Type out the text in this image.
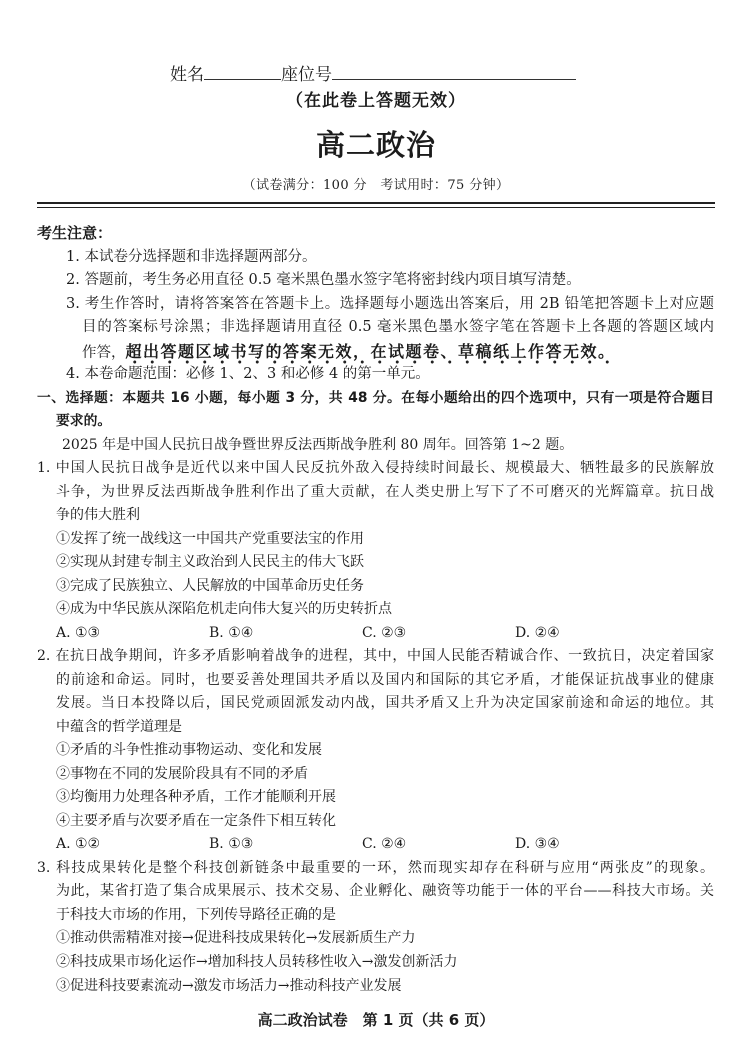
姓名	座位号
（在此卷上答题无效）
高二政治
（试卷满分：100 分　考试用时：75 分钟）
考生注意：
1. 本试卷分选择题和非选择题两部分。
2. 答题前，考生务必用直径 0.5 毫米黑色墨水签字笔将密封线内项目填写清楚。
3. 考生作答时，请将答案答在答题卡上。选择题每小题选出答案后，用 2B 铅笔把答题卡上对应题
目的答案标号涂黑；非选择题请用直径 0.5 毫米黑色墨水签字笔在答题卡上各题的答题区域内
作答，超出答题区域书写的答案无效，在试题卷、草稿纸上作答无效。
4. 本卷命题范围：必修 1、2、3 和必修 4 的第一单元。
一、选择题：本题共 16 小题，每小题 3 分，共 48 分。在每小题给出的四个选项中，只有一项是符合题目
要求的。
2025 年是中国人民抗日战争暨世界反法西斯战争胜利 80 周年。回答第 1~2 题。
1. 中国人民抗日战争是近代以来中国人民反抗外敌入侵持续时间最长、规模最大、牺牲最多的民族解放
斗争，为世界反法西斯战争胜利作出了重大贡献，在人类史册上写下了不可磨灭的光辉篇章。抗日战
争的伟大胜利
①发挥了统一战线这一中国共产党重要法宝的作用
②实现从封建专制主义政治到人民民主的伟大飞跃
③完成了民族独立、人民解放的中国革命历史任务
④成为中华民族从深陷危机走向伟大复兴的历史转折点
A. ①③	B. ①④	C. ②③	D. ②④
2. 在抗日战争期间，许多矛盾影响着战争的进程，其中，中国人民能否精诚合作、一致抗日，决定着国家
的前途和命运。同时，也要妥善处理国共矛盾以及国内和国际的其它矛盾，才能保证抗战事业的健康
发展。当日本投降以后，国民党顽固派发动内战，国共矛盾又上升为决定国家前途和命运的地位。其
中蕴含的哲学道理是
①矛盾的斗争性推动事物运动、变化和发展
②事物在不同的发展阶段具有不同的矛盾
③均衡用力处理各种矛盾，工作才能顺利开展
④主要矛盾与次要矛盾在一定条件下相互转化
A. ①②	B. ①③	C. ②④	D. ③④
3. 科技成果转化是整个科技创新链条中最重要的一环，然而现实却存在科研与应用“两张皮”的现象。
为此，某省打造了集合成果展示、技术交易、企业孵化、融资等功能于一体的平台——科技大市场。关
于科技大市场的作用，下列传导路径正确的是
①推动供需精准对接→促进科技成果转化→发展新质生产力
②科技成果市场化运作→增加科技人员转移性收入→激发创新活力
③促进科技要素流动→激发市场活力→推动科技产业发展
高二政治试卷　第 1 页（共 6 页）
